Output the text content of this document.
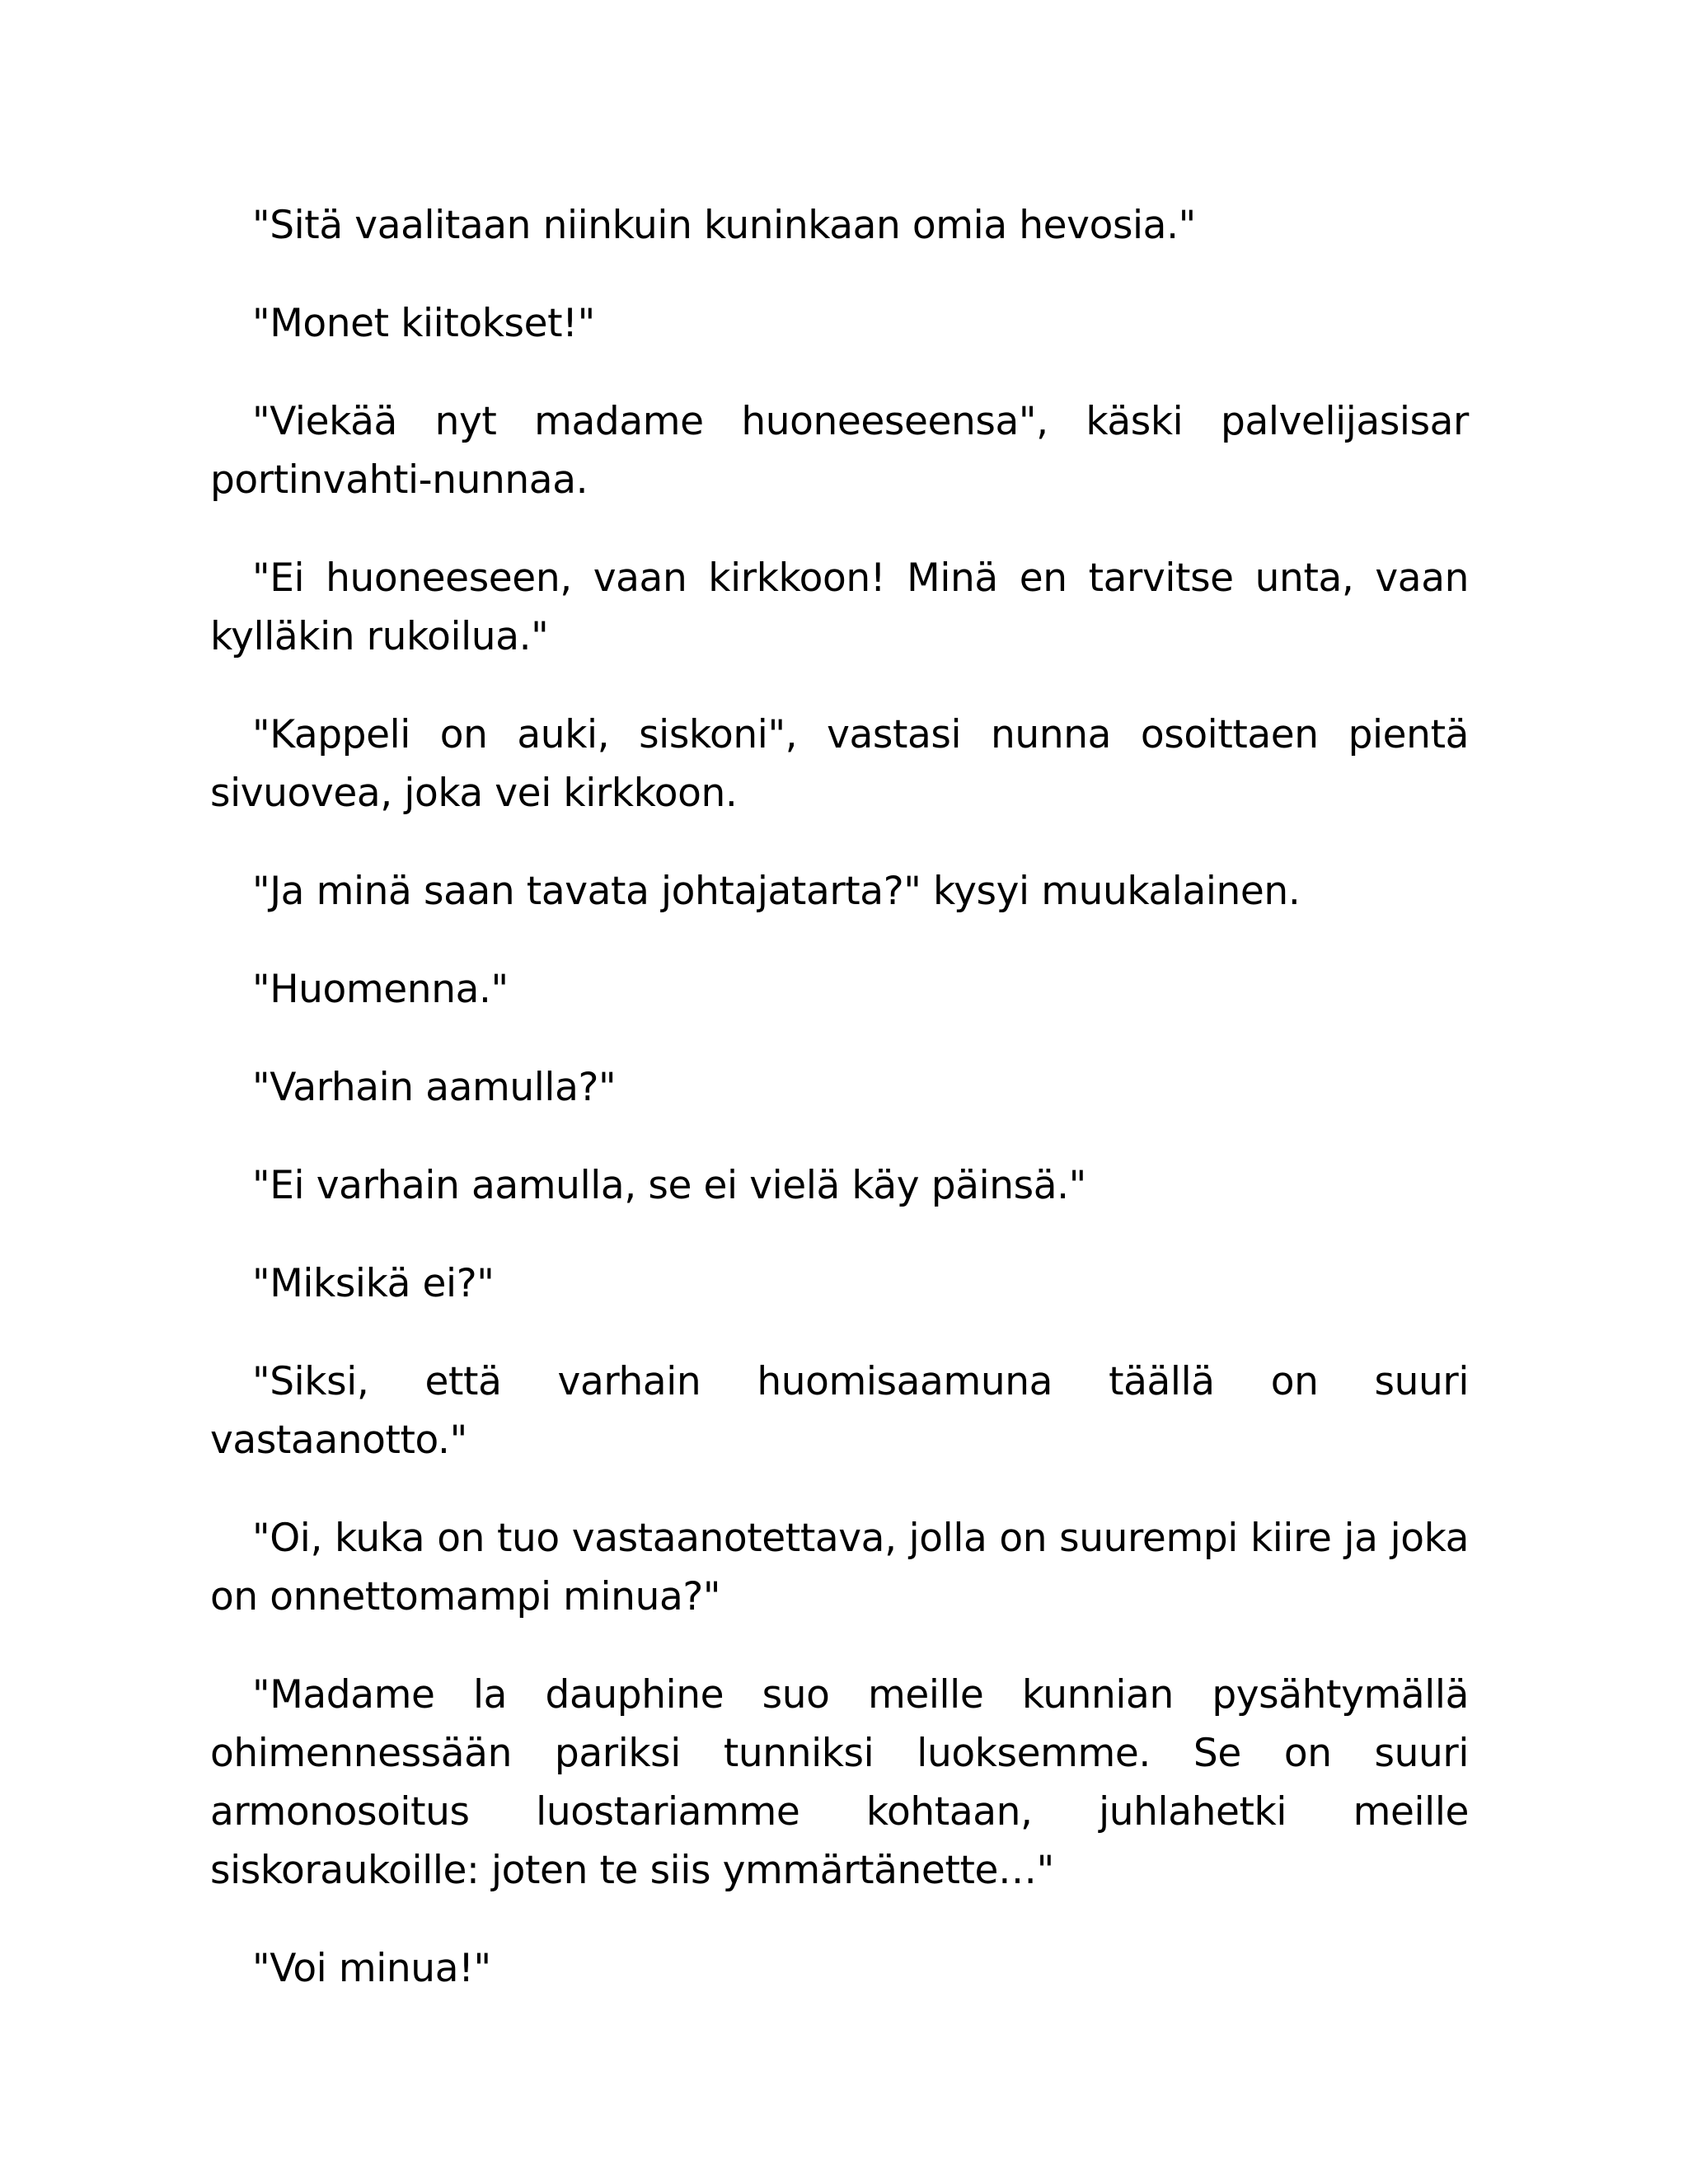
"Sitä vaalitaan niinkuin kuninkaan omia hevosia."

"Monet kiitokset!"

"Viekää nyt madame huoneeseensa", käski palvelijasisar portinvahti-nunnaa.

"Ei huoneeseen, vaan kirkkoon! Minä en tarvitse unta, vaan kylläkin rukoilua."

"Kappeli on auki, siskoni", vastasi nunna osoittaen pientä sivuovea, joka vei kirkkoon.

"Ja minä saan tavata johtajatarta?" kysyi muukalainen.

"Huomenna."

"Varhain aamulla?"

"Ei varhain aamulla, se ei vielä käy päinsä."

"Miksikä ei?"

"Siksi, että varhain huomisaamuna täällä on suuri vastaanotto."

"Oi, kuka on tuo vastaanotettava, jolla on suurempi kiire ja joka on onnettomampi minua?"

"Madame la dauphine suo meille kunnian pysähtymällä ohimennessään pariksi tunniksi luoksemme. Se on suuri armonosoitus luostariamme kohtaan, juhlahetki meille siskoraukoille: joten te siis ymmärtänette…"

"Voi minua!"
